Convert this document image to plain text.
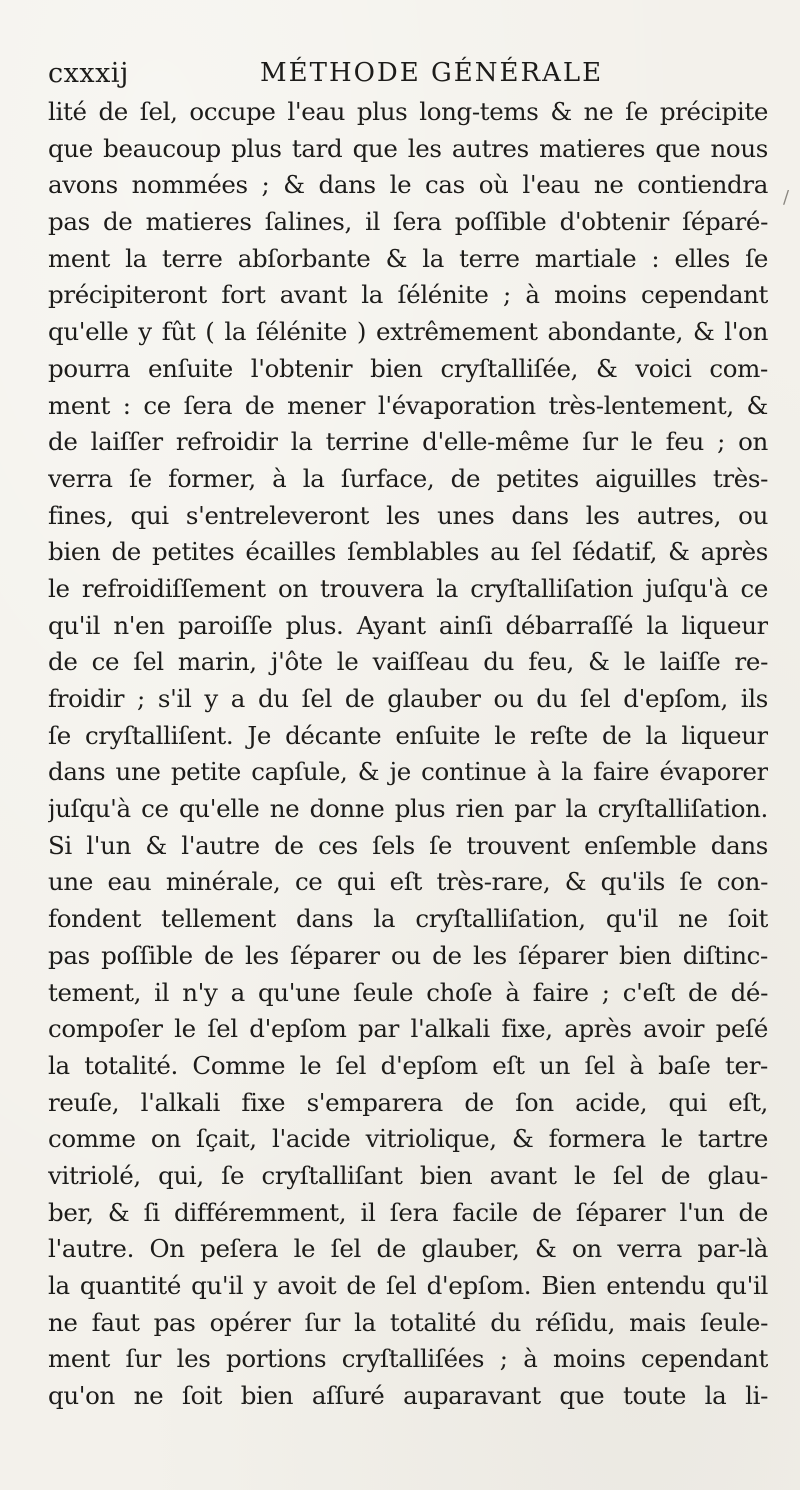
cxxxij	MÉTHODE GÉNÉRALE
/
lité de ſel, occupe l'eau plus long-tems & ne ſe précipite
que beaucoup plus tard que les autres matieres que nous
avons nommées ; & dans le cas où l'eau ne contiendra
pas de matieres ſalines, il ſera poſſible d'obtenir ſéparé-
ment la terre abſorbante & la terre martiale : elles ſe
précipiteront fort avant la ſélénite ; à moins cependant
qu'elle y fût ( la ſélénite ) extrêmement abondante, & l'on
pourra enſuite l'obtenir bien cryſtalliſée, & voici com-
ment : ce ſera de mener l'évaporation très-lentement, &
de laiſſer refroidir la terrine d'elle-même ſur le feu ; on
verra ſe former, à la ſurface, de petites aiguilles très-
fines, qui s'entreleveront les unes dans les autres, ou
bien de petites écailles ſemblables au ſel ſédatif, & après
le refroidiſſement on trouvera la cryſtalliſation juſqu'à ce
qu'il n'en paroiſſe plus. Ayant ainſi débarraſſé la liqueur
de ce ſel marin, j'ôte le vaiſſeau du feu, & le laiſſe re-
froidir ; s'il y a du ſel de glauber ou du ſel d'epſom, ils
ſe cryſtalliſent. Je décante enſuite le reſte de la liqueur
dans une petite capſule, & je continue à la faire évaporer
juſqu'à ce qu'elle ne donne plus rien par la cryſtalliſation.
Si l'un & l'autre de ces ſels ſe trouvent enſemble dans
une eau minérale, ce qui eſt très-rare, & qu'ils ſe con-
fondent tellement dans la cryſtalliſation, qu'il ne ſoit
pas poſſible de les ſéparer ou de les ſéparer bien diſtinc-
tement, il n'y a qu'une ſeule choſe à faire ; c'eſt de dé-
compoſer le ſel d'epſom par l'alkali fixe, après avoir peſé
la totalité. Comme le ſel d'epſom eſt un ſel à baſe ter-
reuſe, l'alkali fixe s'emparera de ſon acide, qui eſt,
comme on ſçait, l'acide vitriolique, & formera le tartre
vitriolé, qui, ſe cryſtalliſant bien avant le ſel de glau-
ber, & ſi différemment, il ſera facile de ſéparer l'un de
l'autre. On peſera le ſel de glauber, & on verra par-là
la quantité qu'il y avoit de ſel d'epſom. Bien entendu qu'il
ne faut pas opérer ſur la totalité du réſidu, mais ſeule-
ment ſur les portions cryſtalliſées ; à moins cependant
qu'on ne ſoit bien aſſuré auparavant que toute la li-
